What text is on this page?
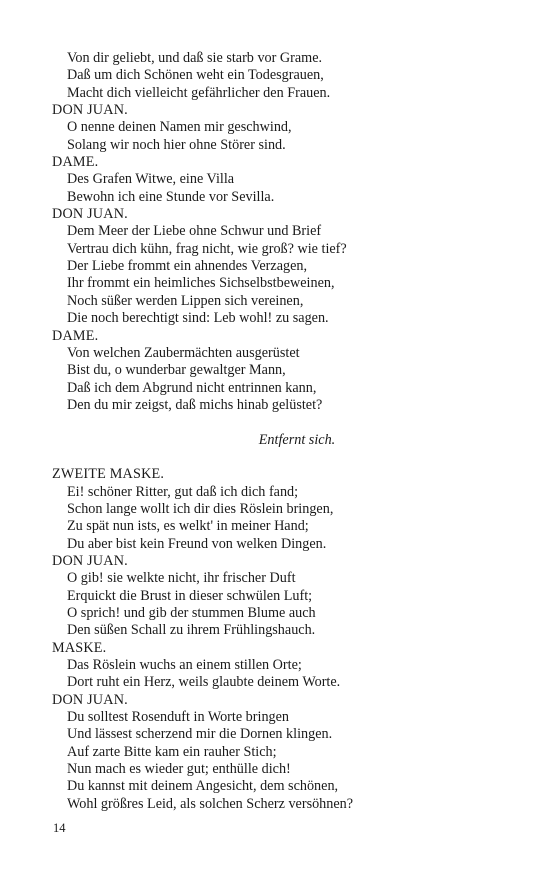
Von dir geliebt, und daß sie starb vor Grame.
Daß um dich Schönen weht ein Todesgrauen,
Macht dich vielleicht gefährlicher den Frauen.
DON JUAN.
O nenne deinen Namen mir geschwind,
Solang wir noch hier ohne Störer sind.
DAME.
Des Grafen Witwe, eine Villa
Bewohn ich eine Stunde vor Sevilla.
DON JUAN.
Dem Meer der Liebe ohne Schwur und Brief
Vertrau dich kühn, frag nicht, wie groß? wie tief?
Der Liebe frommt ein ahnendes Verzagen,
Ihr frommt ein heimliches Sichselbstbeweinen,
Noch süßer werden Lippen sich vereinen,
Die noch berechtigt sind: Leb wohl! zu sagen.
DAME.
Von welchen Zaubermächten ausgerüstet
Bist du, o wunderbar gewaltger Mann,
Daß ich dem Abgrund nicht entrinnen kann,
Den du mir zeigst, daß michs hinab gelüstet?
Entfernt sich.
ZWEITE MASKE.
Ei! schöner Ritter, gut daß ich dich fand;
Schon lange wollt ich dir dies Röslein bringen,
Zu spät nun ists, es welkt' in meiner Hand;
Du aber bist kein Freund von welken Dingen.
DON JUAN.
O gib! sie welkte nicht, ihr frischer Duft
Erquickt die Brust in dieser schwülen Luft;
O sprich! und gib der stummen Blume auch
Den süßen Schall zu ihrem Frühlingshauch.
MASKE.
Das Röslein wuchs an einem stillen Orte;
Dort ruht ein Herz, weils glaubte deinem Worte.
DON JUAN.
Du solltest Rosenduft in Worte bringen
Und lässest scherzend mir die Dornen klingen.
Auf zarte Bitte kam ein rauher Stich;
Nun mach es wieder gut; enthülle dich!
Du kannst mit deinem Angesicht, dem schönen,
Wohl größres Leid, als solchen Scherz versöhnen?
14
